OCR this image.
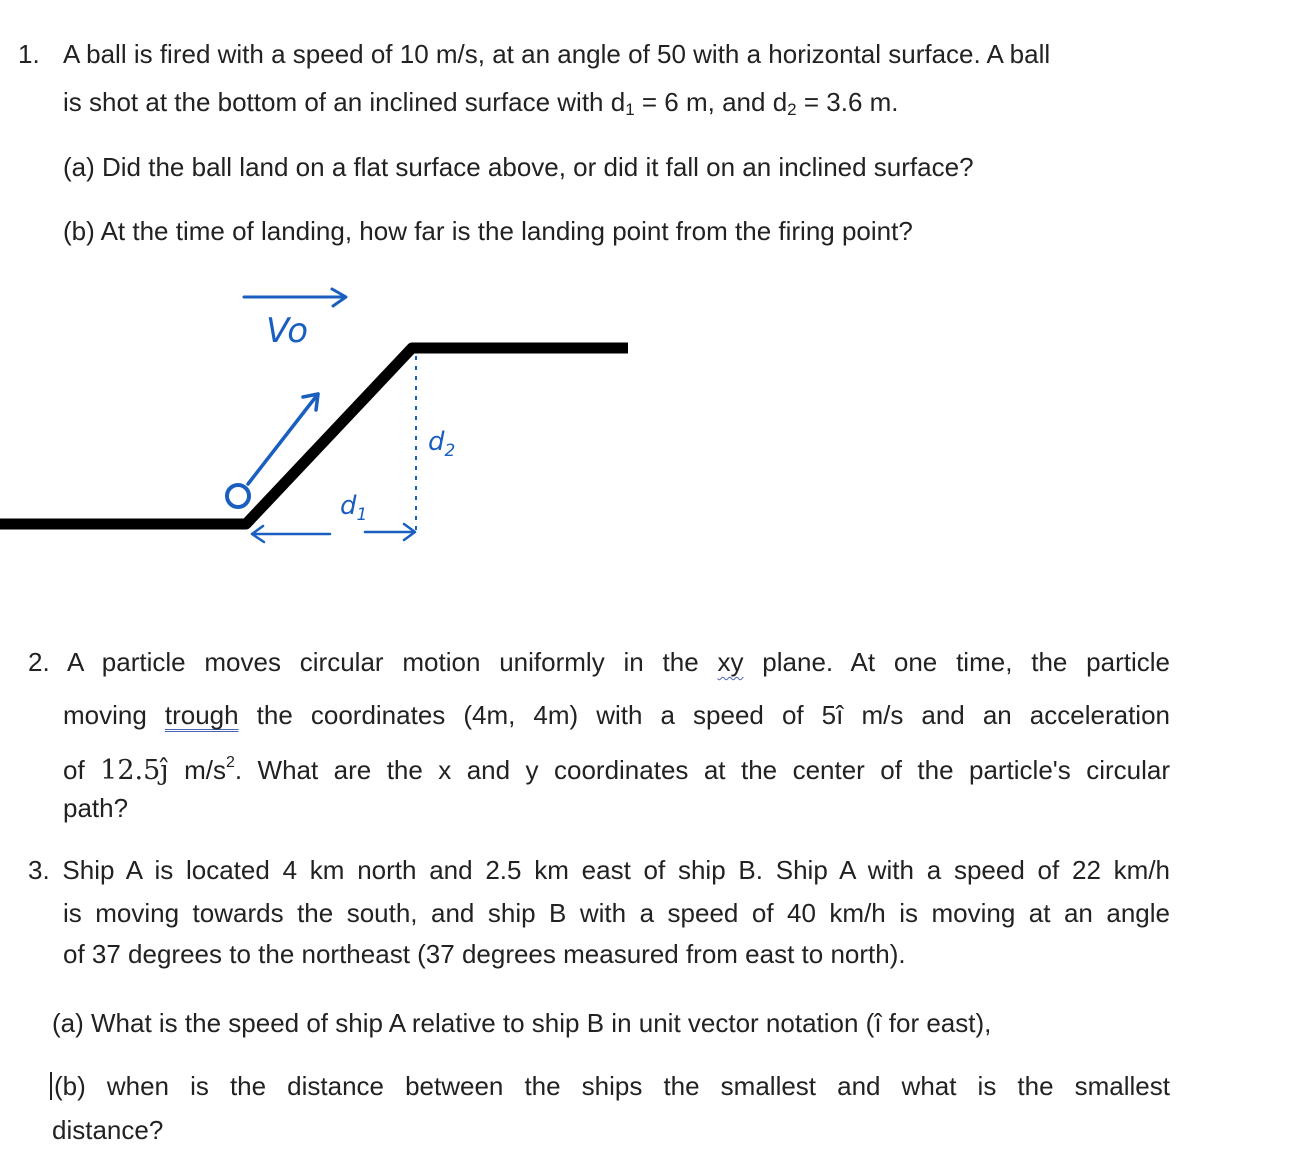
1. A ball is fired with a speed of 10 m/s, at an angle of 50 with a horizontal surface. A ball
is shot at the bottom of an inclined surface with $d_1 = 6$ m, and $d_2 = 3.6$ m.
(a) Did the ball land on a flat surface above, or did it fall on an inclined surface?
(b) At the time of landing, how far is the landing point from the firing point?
Vo
$d_2$
$d_1$
2. A particle moves circular motion uniformly in the xy plane. At one time, the particle
moving trough the coordinates (4m, 4m) with a speed of 5î m/s and an acceleration
of 12.5ĵ $m/s^2$. What are the x and y coordinates at the center of the particle's circular
path?
3. Ship A is located 4 km north and 2.5 km east of ship B. Ship A with a speed of 22 km/h
is moving towards the south, and ship B with a speed of 40 km/h is moving at an angle
of 37 degrees to the northeast (37 degrees measured from east to north).
(a) What is the speed of ship A relative to ship B in unit vector notation (î for east),
(b) when is the distance between the ships the smallest and what is the smallest
distance?
